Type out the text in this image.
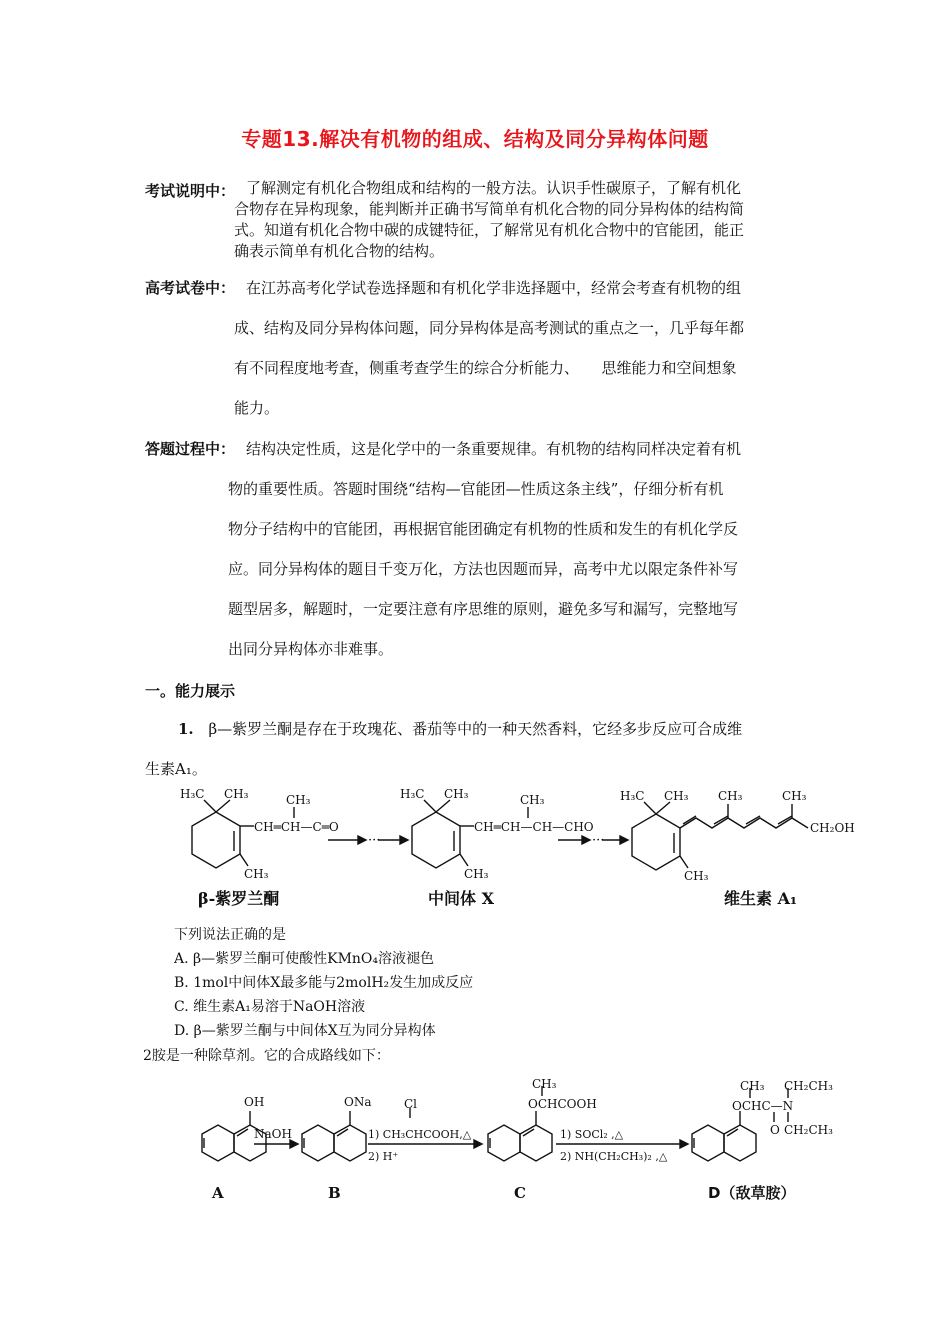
专题13.解决有机物的组成、结构及同分异构体问题
考试说明中： 了解测定有机化合物组成和结构的一般方法。认识手性碳原子，了解有机化
合物存在异构现象，能判断并正确书写简单有机化合物的同分异构体的结构简
式。知道有机化合物中碳的成键特征，了解常见有机化合物中的官能团，能正
确表示简单有机化合物的结构。
高考试卷中： 在江苏高考化学试卷选择题和有机化学非选择题中，经常会考查有机物的组
成、结构及同分异构体问题，同分异构体是高考测试的重点之一，几乎每年都
有不同程度地考查，侧重考查学生的综合分析能力、　　思维能力和空间想象
能力。
答题过程中： 结构决定性质，这是化学中的一条重要规律。有机物的结构同样决定着有机
物的重要性质。答题时围绕“结构—官能团—性质这条主线”，仔细分析有机
物分子结构中的官能团，再根据官能团确定有机物的性质和发生的有机化学反
应。同分异构体的题目千变万化，方法也因题而异，高考中尤以限定条件补写
题型居多，解题时，一定要注意有序思维的原则，避免多写和漏写，完整地写
出同分异构体亦非难事。
一。能力展示
1. β—紫罗兰酮是存在于玫瑰花、番茄等中的一种天然香料，它经多步反应可合成维
生素A₁。
H₃C CH₃	CH₃
CH═CH—C═O
CH₃
H₃C CH₃	CH₃
CH═CH—CH—CHO
CH₃
···	···
H₃C CH₃ CH₃	CH₃
CH₃
CH₂OH
β-紫罗兰酮	中间体 X	维生素 A₁
下列说法正确的是
A. β—紫罗兰酮可使酸性KMnO₄溶液褪色
B. 1mol中间体X最多能与2molH₂发生加成反应
C. 维生素A₁易溶于NaOH溶液
D. β—紫罗兰酮与中间体X互为同分异构体
2胺是一种除草剂。它的合成路线如下：
OH
NaOH
ONa	Cl
1) CH₃CHCOOH,△
2) H⁺
CH₃
OCHCOOH
1) SOCl₂ ,△
2) NH(CH₂CH₃)₂ ,△
CH₃
OCHC—N
O
CH₂CH₃
CH₂CH₃
A	B	C	D（敌草胺）
